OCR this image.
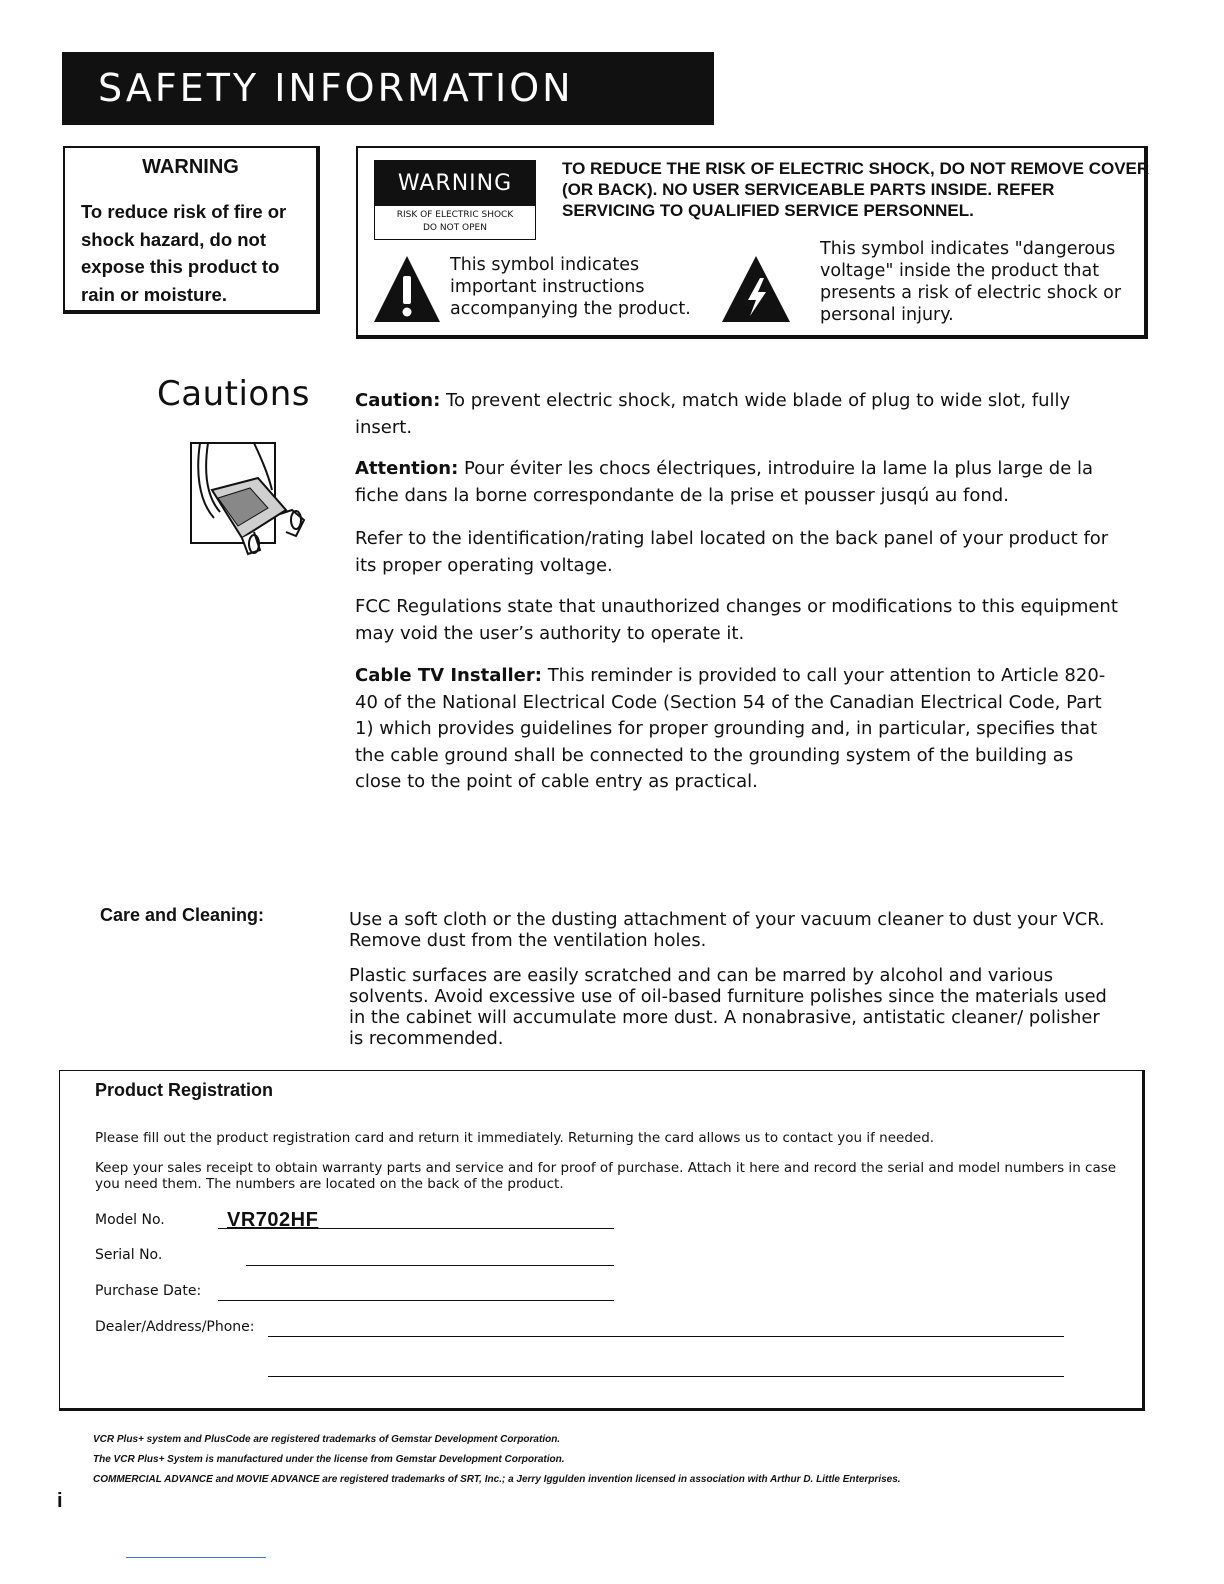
SAFETY INFORMATION
WARNING
To reduce risk of fire or shock hazard, do not expose this product to rain or moisture.
WARNING
RISK OF ELECTRIC SHOCK
DO NOT OPEN
TO REDUCE THE RISK OF ELECTRIC SHOCK, DO NOT REMOVE COVER (OR BACK). NO USER SERVICEABLE PARTS INSIDE. REFER SERVICING TO QUALIFIED SERVICE PERSONNEL.
This symbol indicates important instructions accompanying the product.
This symbol indicates "dangerous voltage" inside the product that presents a risk of electric shock or personal injury.
Cautions	Caution: To prevent electric shock, match wide blade of plug to wide slot, fully insert.
Attention: Pour éviter les chocs électriques, introduire la lame la plus large de la fiche dans la borne correspondante de la prise et pousser jusqú au fond.
Refer to the identification/rating label located on the back panel of your product for its proper operating voltage.
FCC Regulations state that unauthorized changes or modifications to this equipment may void the user’s authority to operate it.
Cable TV Installer: This reminder is provided to call your attention to Article 820-40 of the National Electrical Code (Section 54 of the Canadian Electrical Code, Part 1) which provides guidelines for proper grounding and, in particular, specifies that the cable ground shall be connected to the grounding system of the building as close to the point of cable entry as practical.
Care and Cleaning:	Use a soft cloth or the dusting attachment of your vacuum cleaner to dust your VCR. Remove dust from the ventilation holes.
Plastic surfaces are easily scratched and can be marred by alcohol and various solvents. Avoid excessive use of oil-based furniture polishes since the materials used in the cabinet will accumulate more dust. A nonabrasive, antistatic cleaner/ polisher is recommended.
Product Registration
Please fill out the product registration card and return it immediately. Returning the card allows us to contact you if needed.
Keep your sales receipt to obtain warranty parts and service and for proof of purchase. Attach it here and record the serial and model numbers in case you need them. The numbers are located on the back of the product.
Model No.	VR702HF
Serial No.
Purchase Date:
Dealer/Address/Phone:
VCR Plus+ system and PlusCode are registered trademarks of Gemstar Development Corporation.
The VCR Plus+ System is manufactured under the license from Gemstar Development Corporation.
COMMERCIAL ADVANCE and MOVIE ADVANCE are registered trademarks of SRT, Inc.; a Jerry Iggulden invention licensed in association with Arthur D. Little Enterprises.
i
